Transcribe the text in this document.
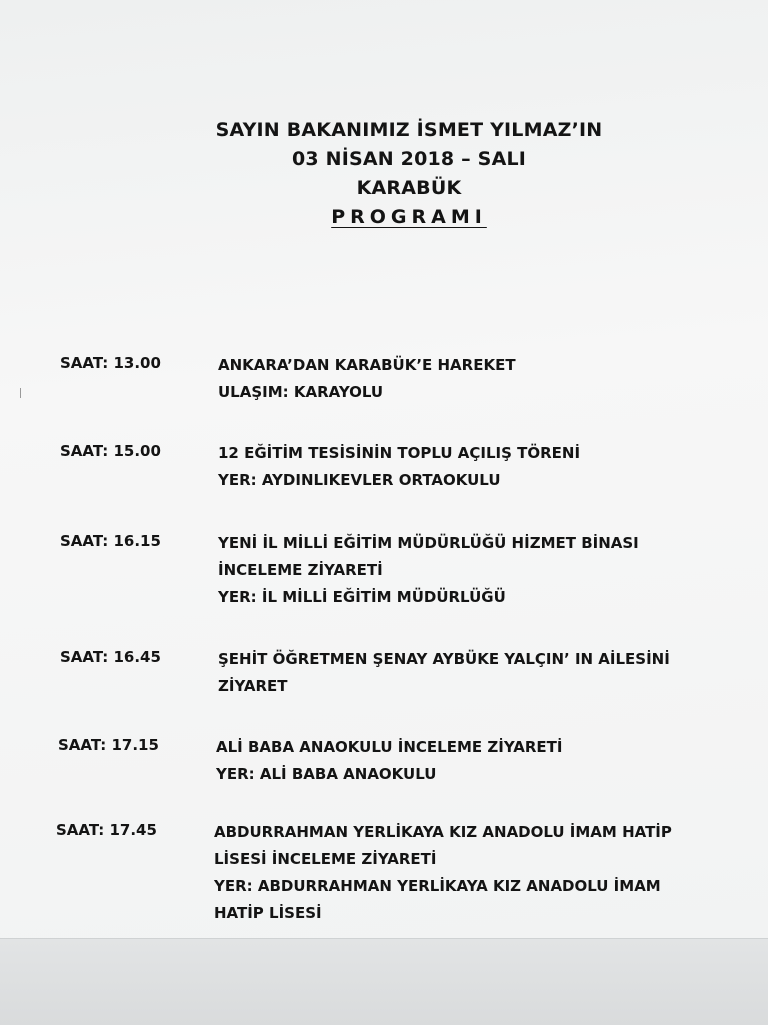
SAYIN BAKANIMIZ İSMET YILMAZ’IN
03 NİSAN 2018 – SALI
KARABÜK
PROGRAMI
SAAT: 13.00	ANKARA’DAN KARABÜK’E HAREKET
ULAŞIM: KARAYOLU
SAAT: 15.00	12 EĞİTİM TESİSİNİN TOPLU AÇILIŞ TÖRENİ
YER: AYDINLIKEVLER ORTAOKULU
SAAT: 16.15	YENİ İL MİLLİ EĞİTİM MÜDÜRLÜĞÜ HİZMET BİNASI
İNCELEME ZİYARETİ
YER: İL MİLLİ EĞİTİM MÜDÜRLÜĞÜ
SAAT: 16.45	ŞEHİT ÖĞRETMEN ŞENAY AYBÜKE YALÇIN’ IN AİLESİNİ
ZİYARET
SAAT: 17.15	ALİ BABA ANAOKULU İNCELEME ZİYARETİ
YER: ALİ BABA ANAOKULU
SAAT: 17.45	ABDURRAHMAN YERLİKAYA KIZ ANADOLU İMAM HATİP
LİSESİ İNCELEME ZİYARETİ
YER: ABDURRAHMAN YERLİKAYA KIZ ANADOLU İMAM
HATİP LİSESİ
